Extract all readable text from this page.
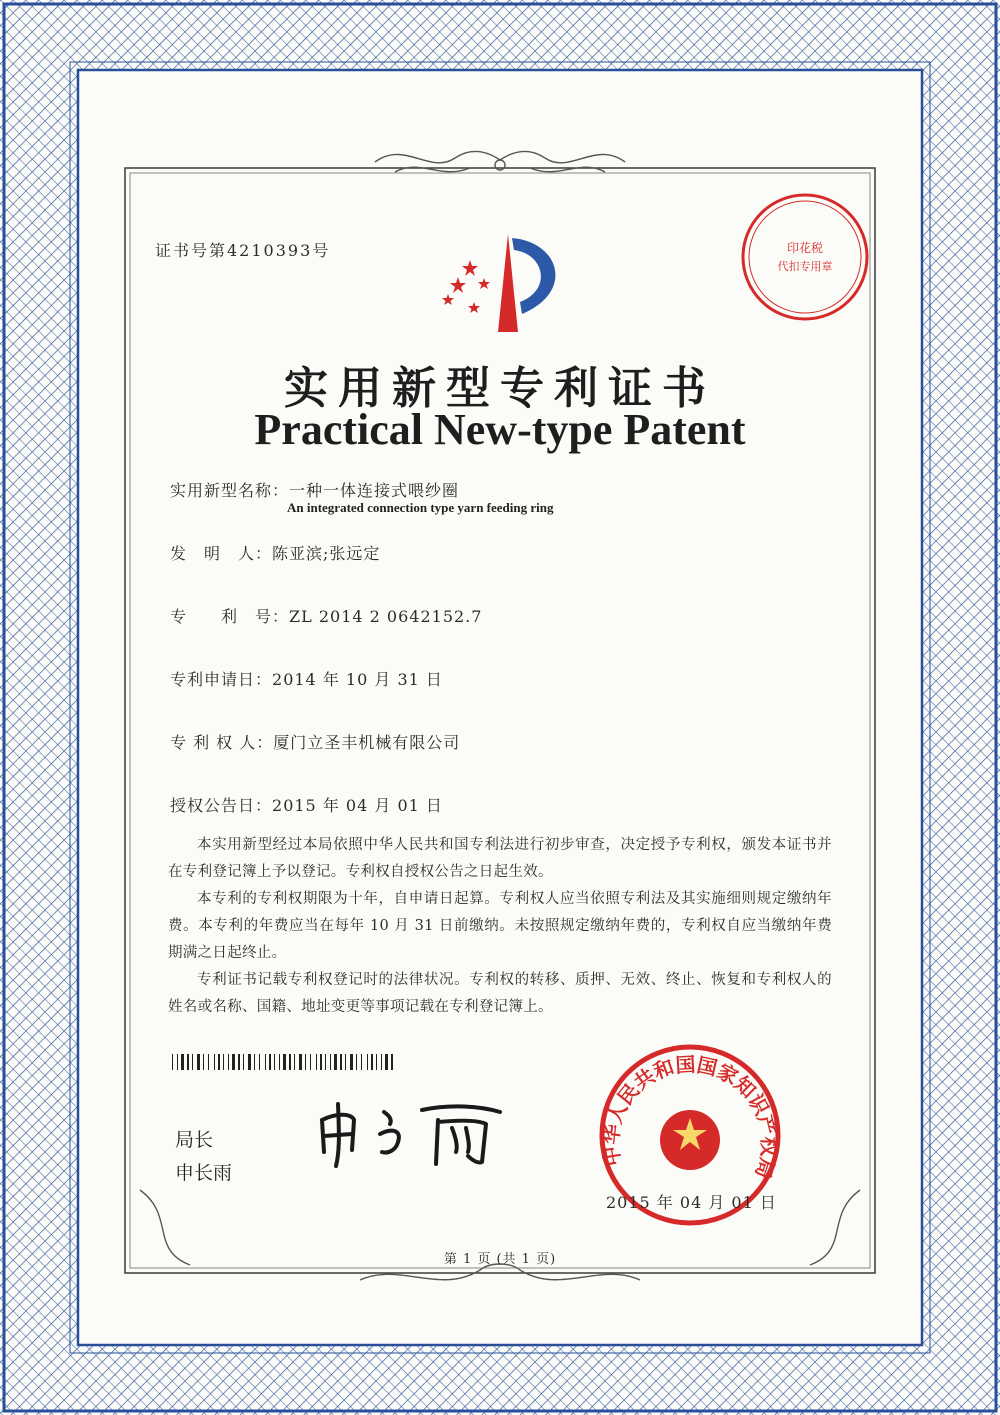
证书号第4210393号	印花税
代扣专用章
实用新型专利证书
Practical New-type Patent
实用新型名称：一种一体连接式喂纱圈
An integrated connection type yarn feeding ring
发　明　人：陈亚滨;张远定
专　　利　号：ZL 2014 2 0642152.7
专利申请日：2014 年 10 月 31 日
专 利 权 人：厦门立圣丰机械有限公司
授权公告日：2015 年 04 月 01 日

本实用新型经过本局依照中华人民共和国专利法进行初步审查，决定授予专利权，颁发本证书并在专利登记簿上予以登记。专利权自授权公告之日起生效。

本专利的专利权期限为十年，自申请日起算。专利权人应当依照专利法及其实施细则规定缴纳年费。本专利的年费应当在每年 10 月 31 日前缴纳。未按照规定缴纳年费的，专利权自应当缴纳年费期满之日起终止。

专利证书记载专利权登记时的法律状况。专利权的转移、质押、无效、终止、恢复和专利权人的姓名或名称、国籍、地址变更等事项记载在专利登记簿上。

局长
申长雨
中华人民共和国国家知识产权局
2015 年 04 月 01 日
第 1 页 (共 1 页)
